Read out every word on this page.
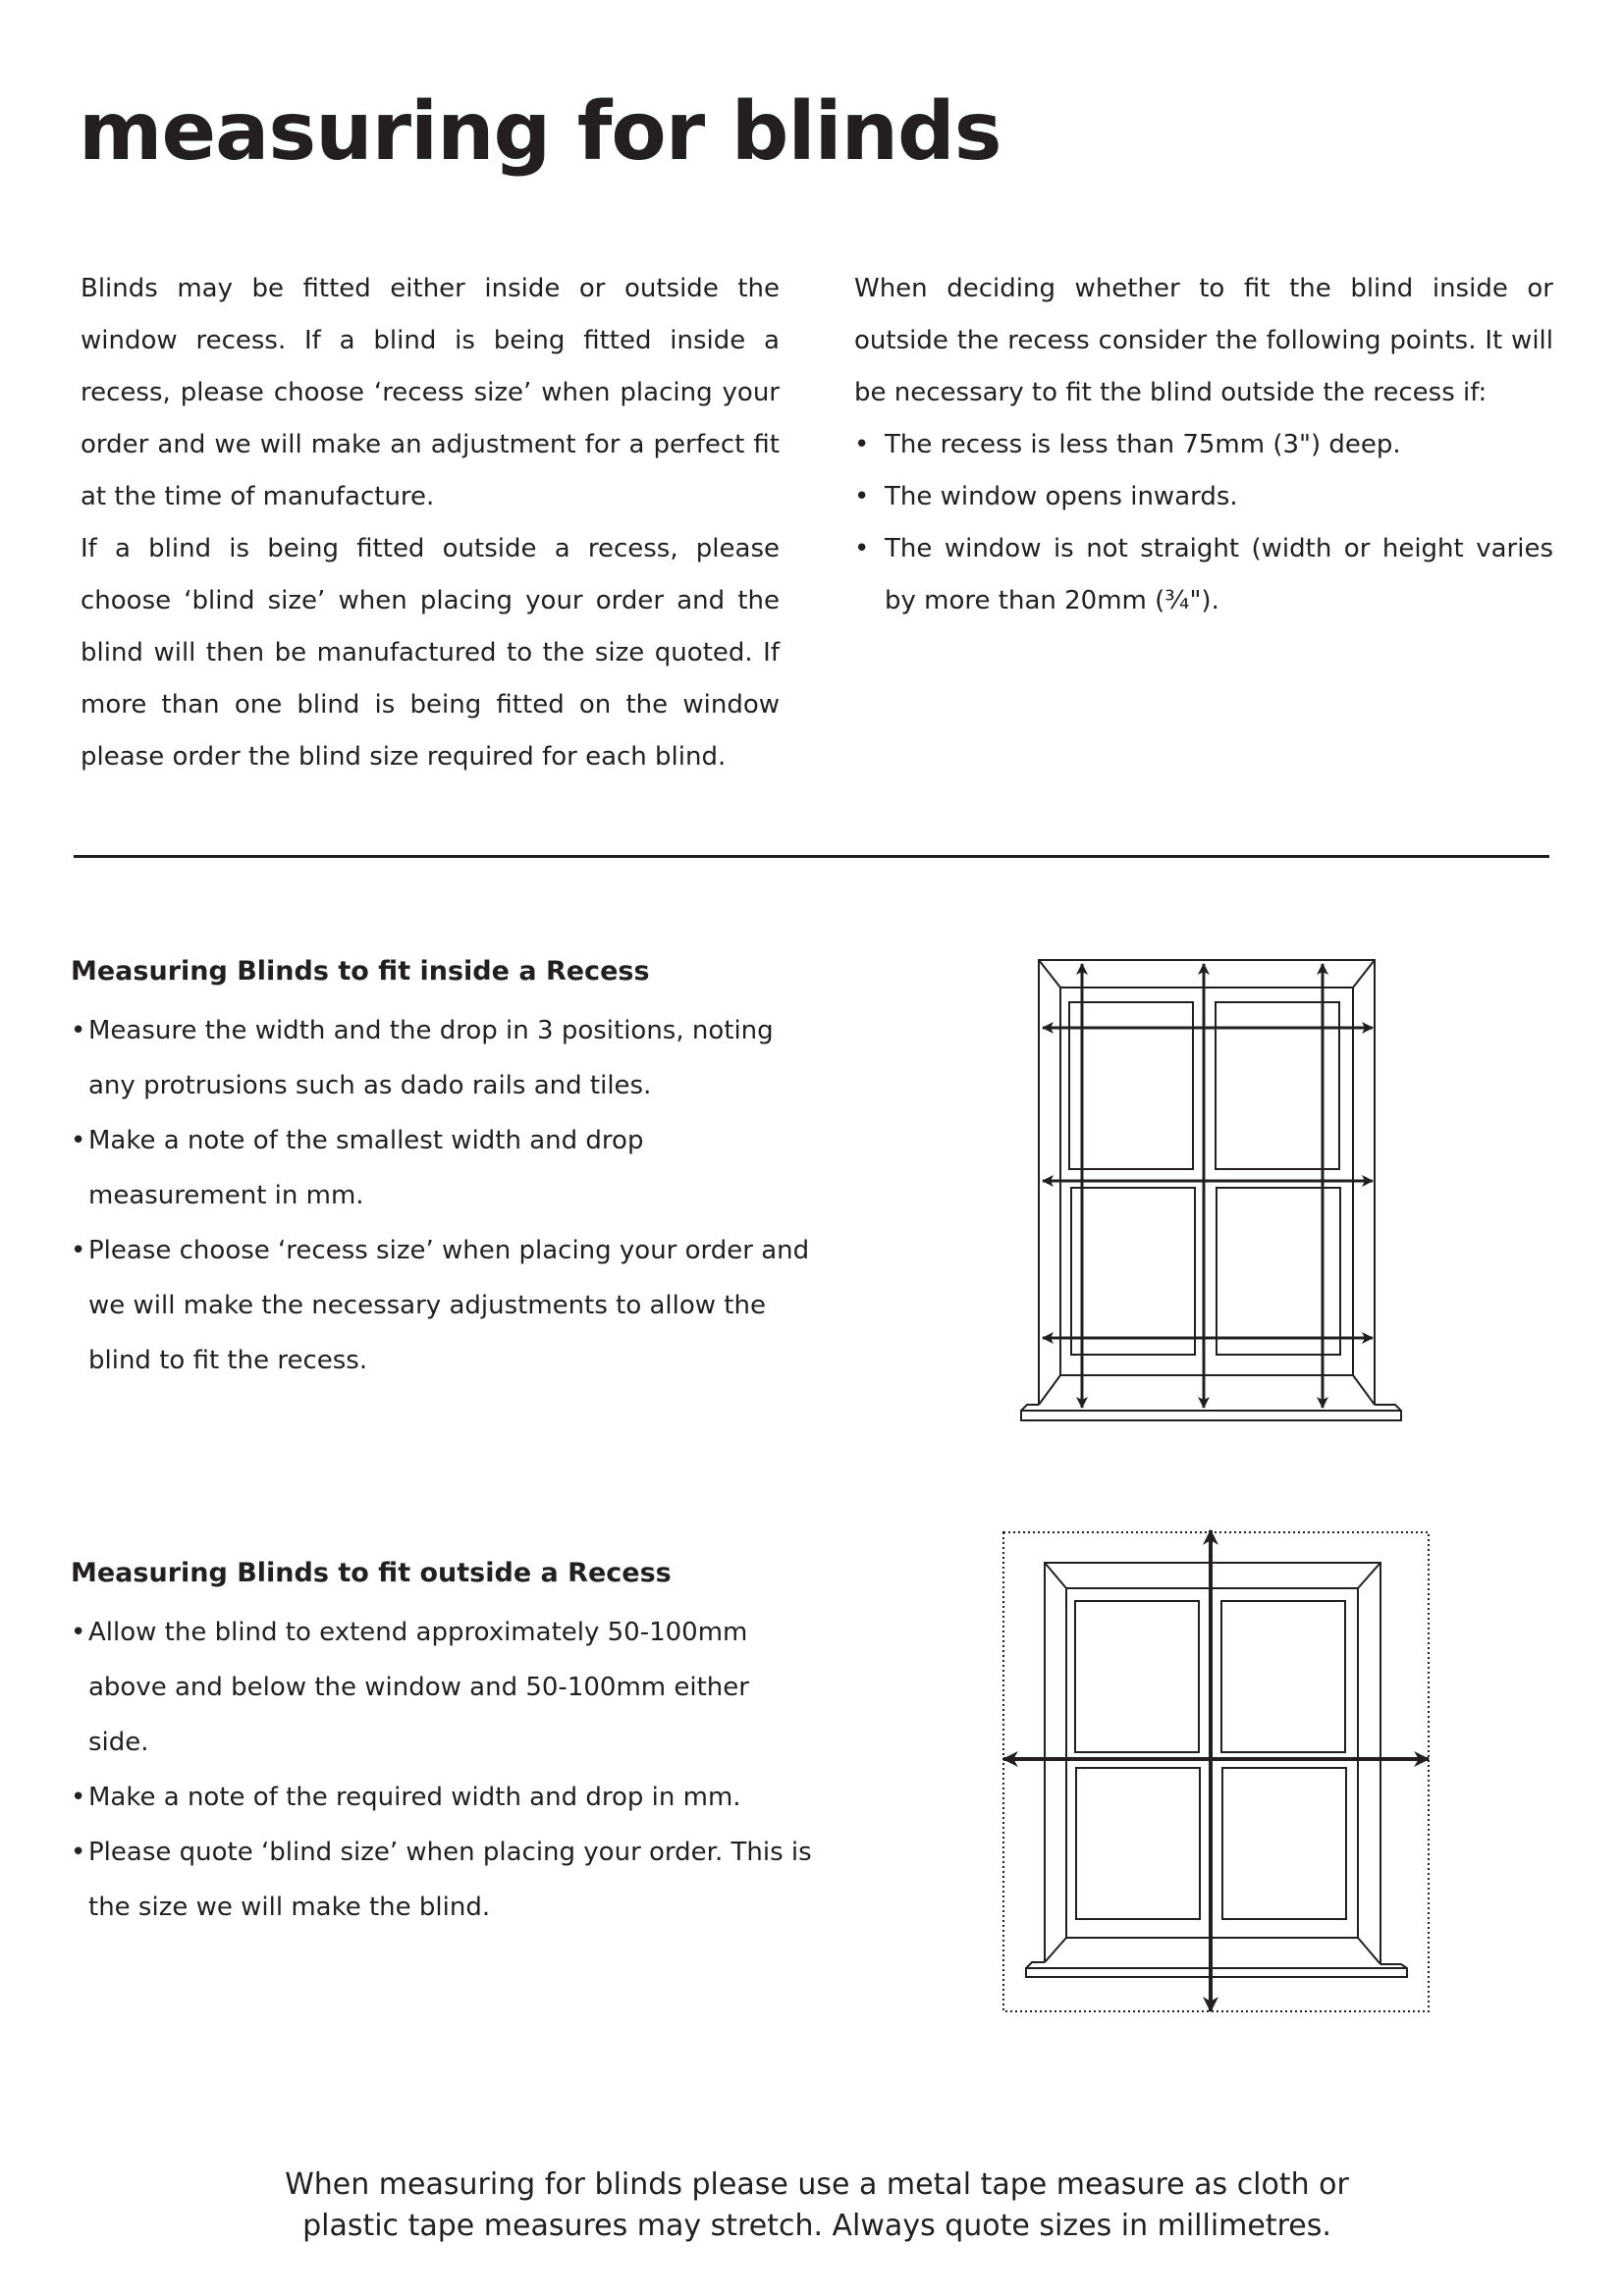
measuring for blinds

Blinds may be fitted either inside or outside the window recess. If a blind is being fitted inside a recess, please choose ‘recess size’ when placing your order and we will make an adjustment for a perfect fit at the time of manufacture.

If a blind is being fitted outside a recess, please choose ‘blind size’ when placing your order and the blind will then be manufactured to the size quoted. If more than one blind is being fitted on the window please order the blind size required for each blind.

When deciding whether to fit the blind inside or outside the recess consider the following points. It will be necessary to fit the blind outside the recess if:

• The recess is less than 75mm (3") deep.
• The window opens inwards.
• The window is not straight (width or height varies by more than 20mm (¾").
Measuring Blinds to fit inside a Recess
• Measure the width and the drop in 3 positions, noting any protrusions such as dado rails and tiles.
• Make a note of the smallest width and drop measurement in mm.
• Please choose ‘recess size’ when placing your order and we will make the necessary adjustments to allow the blind to fit the recess.
Measuring Blinds to fit outside a Recess
• Allow the blind to extend approximately 50-100mm above and below the window and 50-100mm either side.
• Make a note of the required width and drop in mm.
• Please quote ‘blind size’ when placing your order. This is the size we will make the blind.
When measuring for blinds please use a metal tape measure as cloth or
plastic tape measures may stretch. Always quote sizes in millimetres.
